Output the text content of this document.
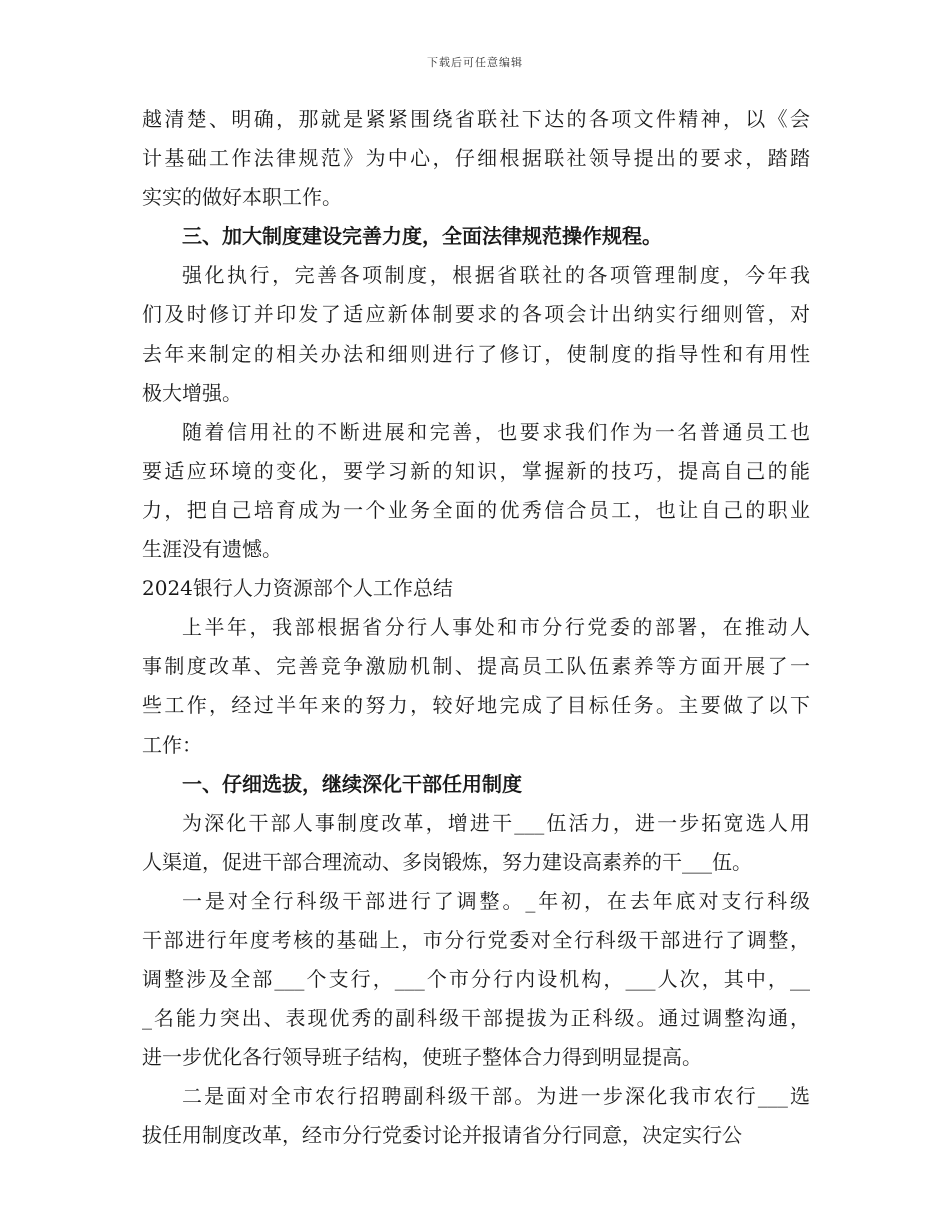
下载后可任意编辑
越清楚、明确，那就是紧紧围绕省联社下达的各项文件精神，以《会
计基础工作法律规范》为中心，仔细根据联社领导提出的要求，踏踏
实实的做好本职工作。
三、加大制度建设完善力度，全面法律规范操作规程。
强化执行，完善各项制度，根据省联社的各项管理制度，今年我
们及时修订并印发了适应新体制要求的各项会计出纳实行细则管，对
去年来制定的相关办法和细则进行了修订，使制度的指导性和有用性
极大增强。
随着信用社的不断进展和完善，也要求我们作为一名普通员工也
要适应环境的变化，要学习新的知识，掌握新的技巧，提高自己的能
力，把自己培育成为一个业务全面的优秀信合员工，也让自己的职业
生涯没有遗憾。
2024银行人力资源部个人工作总结
上半年，我部根据省分行人事处和市分行党委的部署，在推动人
事制度改革、完善竞争激励机制、提高员工队伍素养等方面开展了一
些工作，经过半年来的努力，较好地完成了目标任务。主要做了以下
工作：
一、仔细选拔，继续深化干部任用制度
为深化干部人事制度改革，增进干___伍活力，进一步拓宽选人用
人渠道，促进干部合理流动、多岗锻炼，努力建设高素养的干___伍。
一是对全行科级干部进行了调整。_年初，在去年底对支行科级
干部进行年度考核的基础上，市分行党委对全行科级干部进行了调整，
调整涉及全部___个支行，___个市分行内设机构，___人次，其中，__
_名能力突出、表现优秀的副科级干部提拔为正科级。通过调整沟通，
进一步优化各行领导班子结构，使班子整体合力得到明显提高。
二是面对全市农行招聘副科级干部。为进一步深化我市农行___选
拔任用制度改革，经市分行党委讨论并报请省分行同意，决定实行公
